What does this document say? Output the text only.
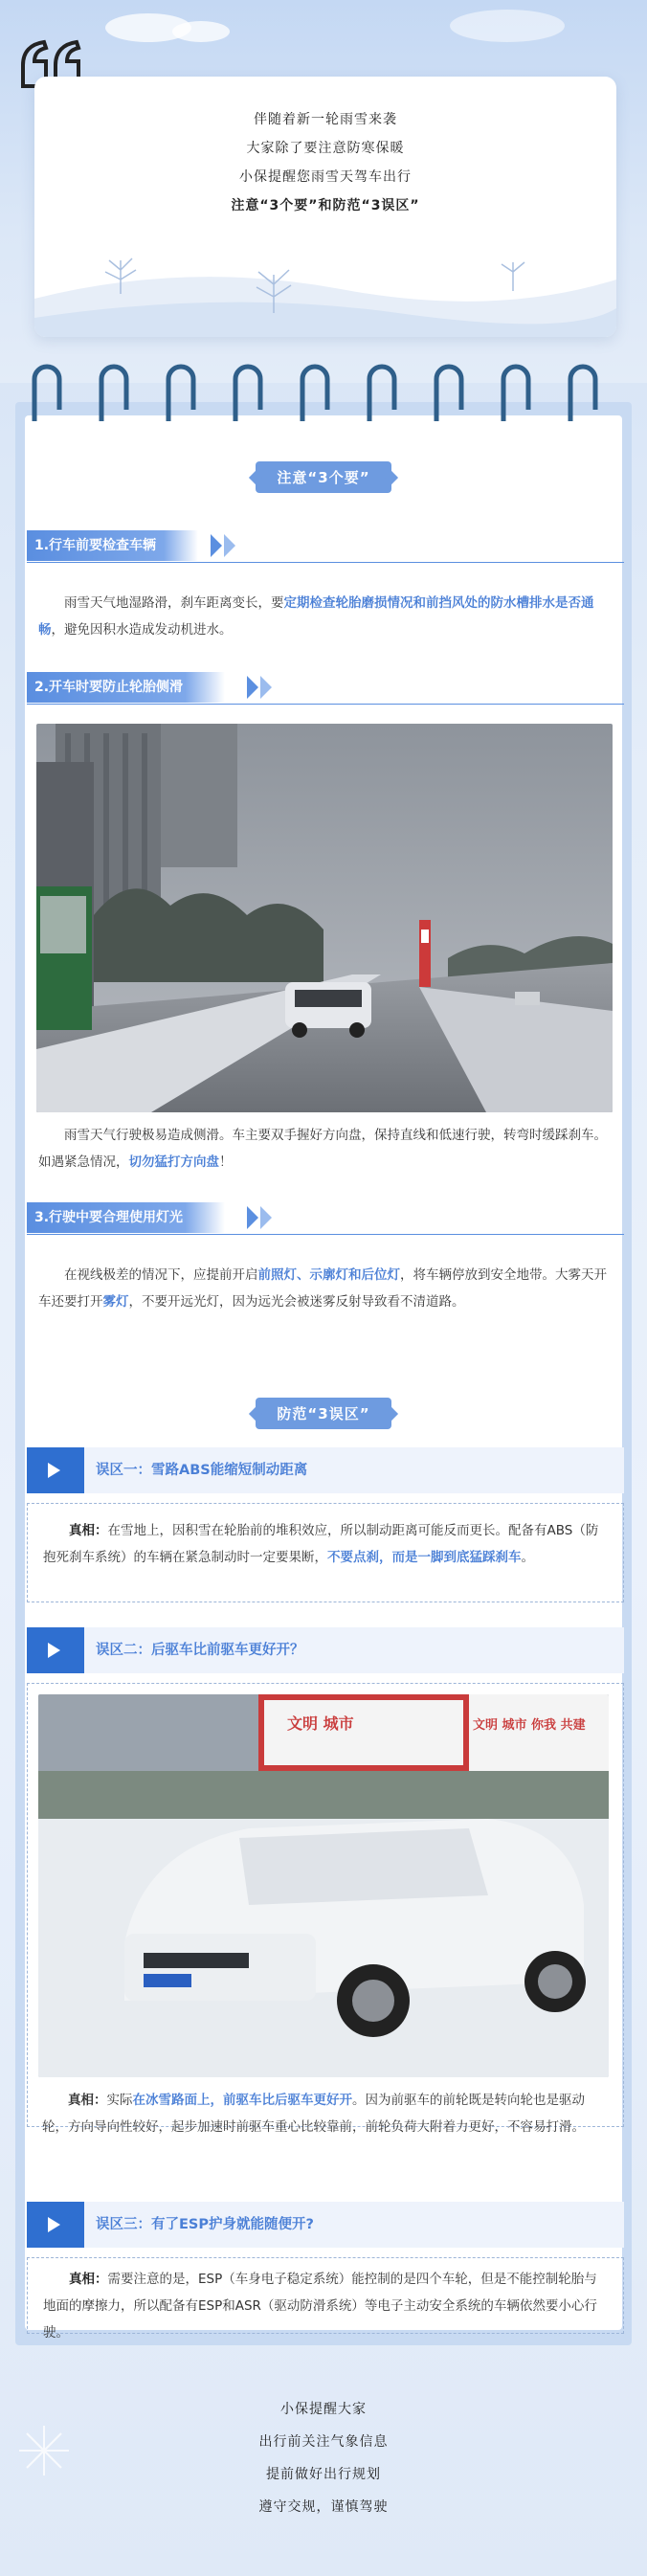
伴随着新一轮雨雪来袭
大家除了要注意防寒保暖
小保提醒您雨雪天驾车出行
注意“3个要”和防范“3误区”
注意“3个要”
1.行车前要检查车辆
雨雪天气地湿路滑，刹车距离变长，要定期检查轮胎磨损情况和前挡风处的防水槽排水是否通畅，避免因积水造成发动机进水。
2.开车时要防止轮胎侧滑
雨雪天气行驶极易造成侧滑。车主要双手握好方向盘，保持直线和低速行驶，转弯时缓踩刹车。如遇紧急情况，切勿猛打方向盘！
3.行驶中要合理使用灯光
在视线极差的情况下，应提前开启前照灯、示廓灯和后位灯，将车辆停放到安全地带。大雾天开车还要打开雾灯，不要开远光灯，因为远光会被迷雾反射导致看不清道路。
防范“3误区”
误区一：雪路ABS能缩短制动距离
真相：在雪地上，因积雪在轮胎前的堆积效应，所以制动距离可能反而更长。配备有ABS（防抱死刹车系统）的车辆在紧急制动时一定要果断，不要点刹，而是一脚到底猛踩刹车。
误区二：后驱车比前驱车更好开？
文明 城市	文明 城市 你我 共建
真相：实际在冰雪路面上，前驱车比后驱车更好开。因为前驱车的前轮既是转向轮也是驱动轮，方向导向性较好，起步加速时前驱车重心比较靠前，前轮负荷大附着力更好，不容易打滑。
误区三：有了ESP护身就能随便开?
真相：需要注意的是，ESP（车身电子稳定系统）能控制的是四个车轮，但是不能控制轮胎与地面的摩擦力，所以配备有ESP和ASR（驱动防滑系统）等电子主动安全系统的车辆依然要小心行驶。
小保提醒大家
出行前关注气象信息
提前做好出行规划
遵守交规，谨慎驾驶
